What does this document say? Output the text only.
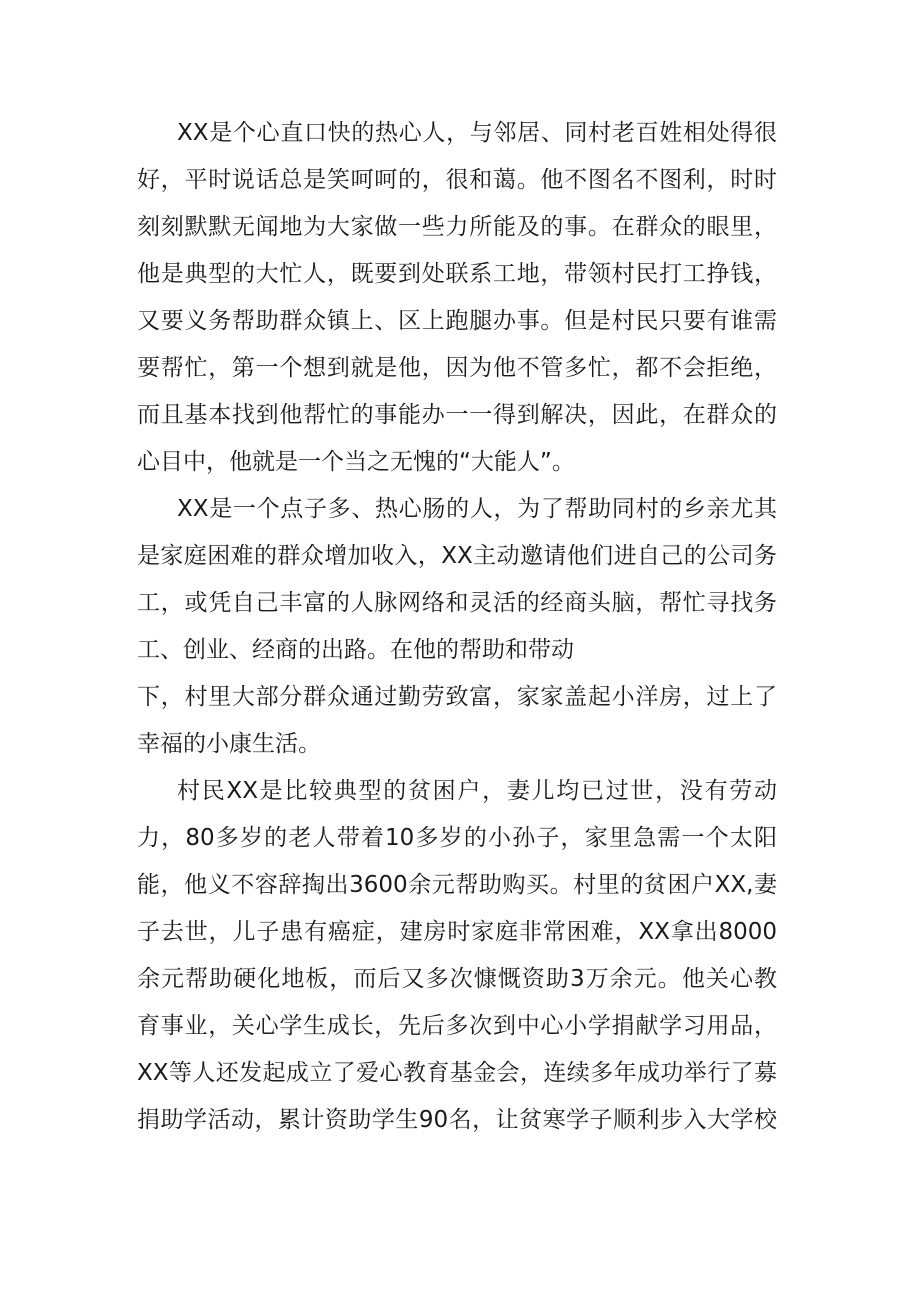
XX是个心直口快的热心人，与邻居、同村老百姓相处得很
好，平时说话总是笑呵呵的，很和蔼。他不图名不图利，时时
刻刻默默无闻地为大家做一些力所能及的事。在群众的眼里，
他是典型的大忙人，既要到处联系工地，带领村民打工挣钱，
又要义务帮助群众镇上、区上跑腿办事。但是村民只要有谁需
要帮忙，第一个想到就是他，因为他不管多忙，都不会拒绝，
而且基本找到他帮忙的事能办一一得到解决，因此，在群众的
心目中，他就是一个当之无愧的“大能人”。
XX是一个点子多、热心肠的人，为了帮助同村的乡亲尤其
是家庭困难的群众增加收入，XX主动邀请他们进自己的公司务
工，或凭自己丰富的人脉网络和灵活的经商头脑，帮忙寻找务
工、创业、经商的出路。在他的帮助和带动
下，村里大部分群众通过勤劳致富，家家盖起小洋房，过上了
幸福的小康生活。
村民XX是比较典型的贫困户，妻儿均已过世，没有劳动
力，80多岁的老人带着10多岁的小孙子，家里急需一个太阳
能，他义不容辞掏出3600余元帮助购买。村里的贫困户XX,妻
子去世，儿子患有癌症，建房时家庭非常困难，XX拿出8000
余元帮助硬化地板，而后又多次慷慨资助3万余元。他关心教
育事业，关心学生成长，先后多次到中心小学捐献学习用品，
XX等人还发起成立了爱心教育基金会，连续多年成功举行了募
捐助学活动，累计资助学生90名，让贫寒学子顺利步入大学校
